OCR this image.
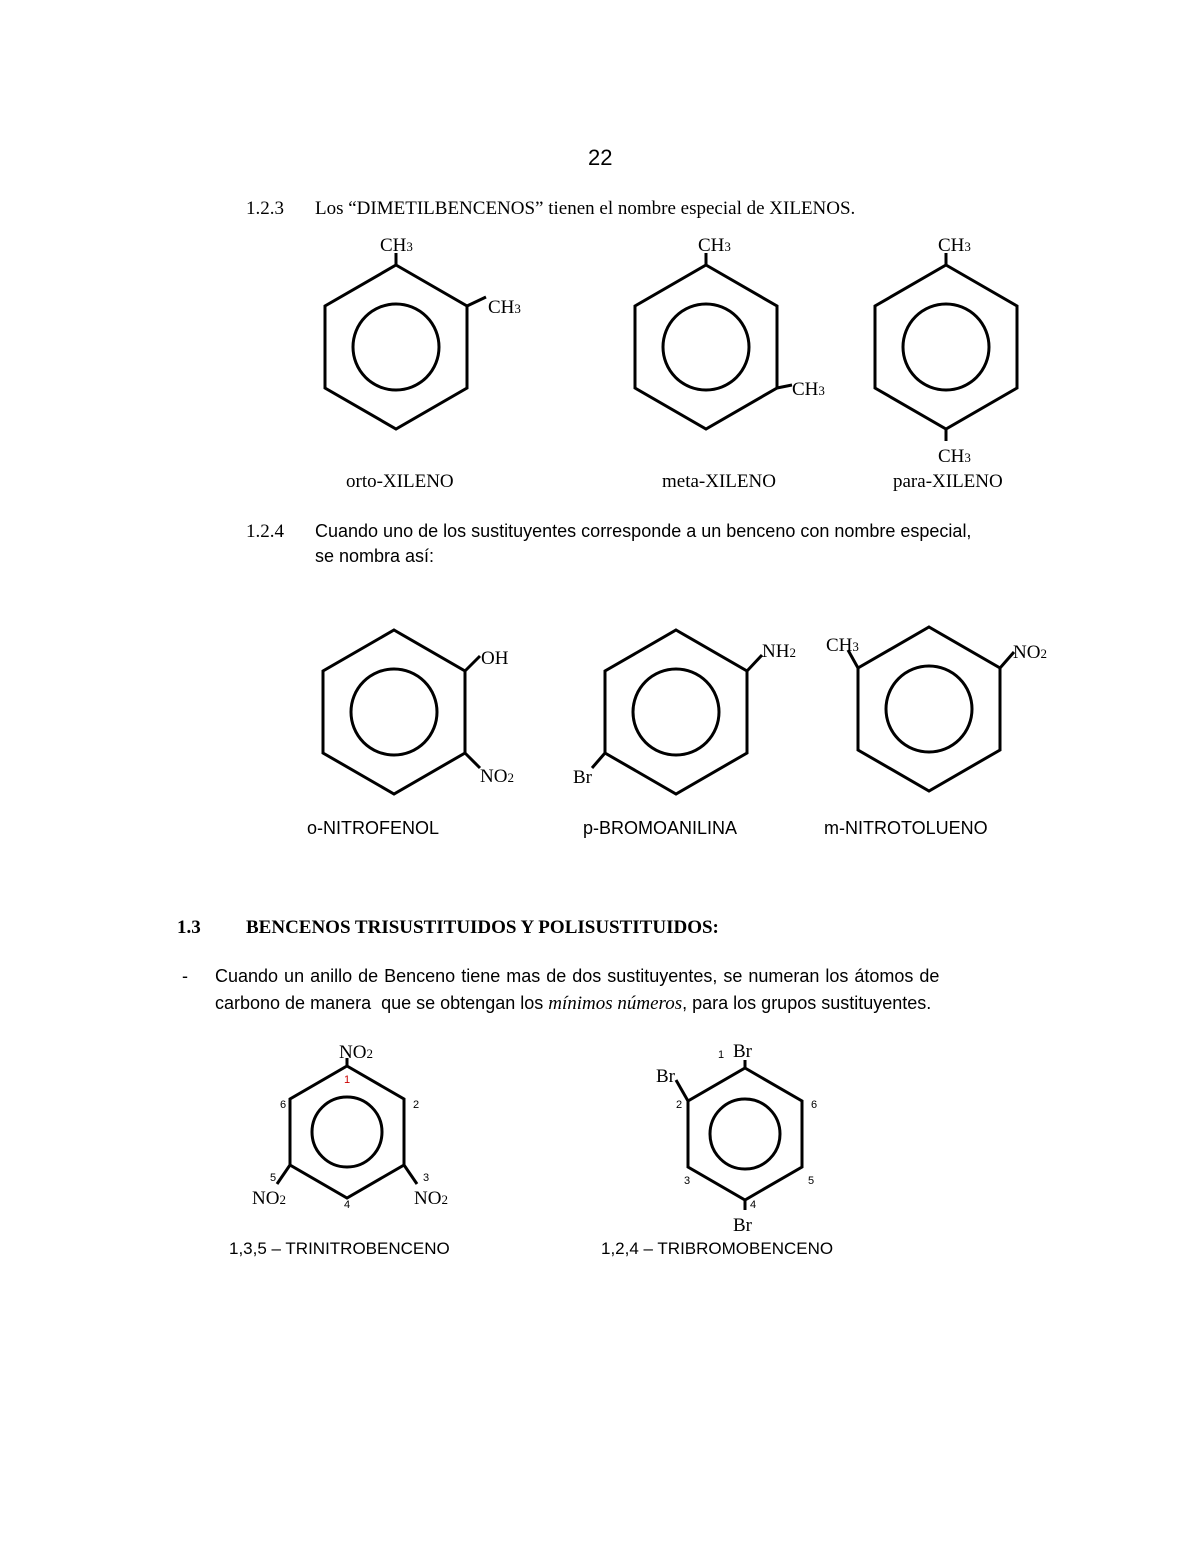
22
1.2.3 Los “DIMETILBENCENOS” tienen el nombre especial de XILENOS.
CH3
CH3
CH3
CH3
CH3
CH3
OH
NO2
NH2
Br
CH3	NO2
NO2
NO2	NO2
1
2
3
4
5
6
Br
Br
Br
1
2
3
4
5
6
orto-XILENO	meta-XILENO	para-XILENO
1.2.4 Cuando uno de los sustituyentes corresponde a un benceno con nombre especial,
se nombra así:
o-NITROFENOL	p-BROMOANILINA	m-NITROTOLUENO
1.3 BENCENOS TRISUSTITUIDOS Y POLISUSTITUIDOS:
- Cuando un anillo de Benceno tiene mas de dos sustituyentes, se numeran los átomos de
carbono de manera  que se obtengan los mínimos números, para los grupos sustituyentes.
1,3,5 – TRINITROBENCENO	1,2,4 – TRIBROMOBENCENO
